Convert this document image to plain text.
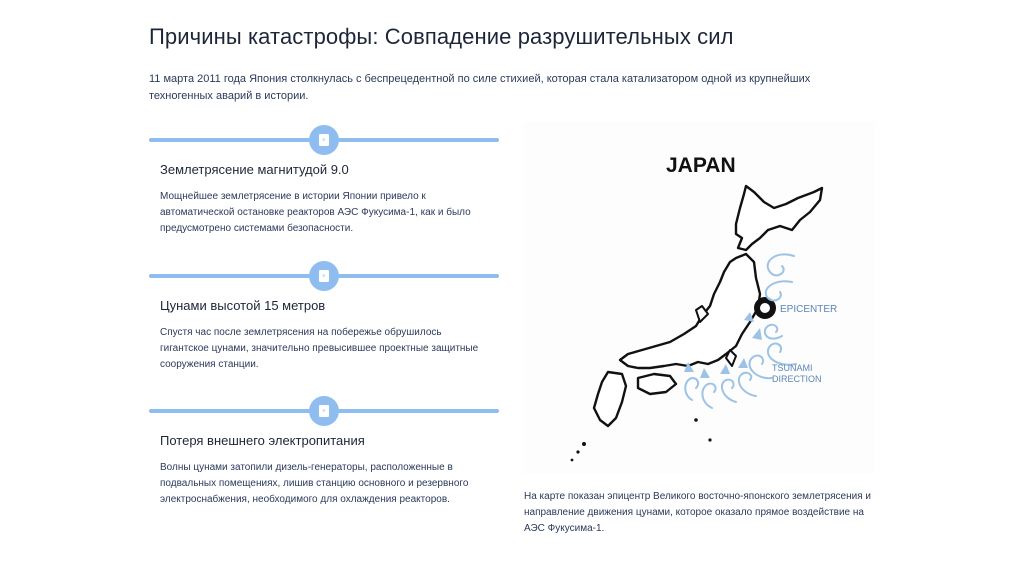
Причины катастрофы: Совпадение разрушительных сил

11 марта 2011 года Япония столкнулась с беспрецедентной по силе стихией, которая стала катализатором одной из крупнейших техногенных аварий в истории.

≡
Землетрясение магнитудой 9.0

Мощнейшее землетрясение в истории Японии привело к автоматической остановке реакторов АЭС Фукусима-1, как и было предусмотрено системами безопасности.

≡
Цунами высотой 15 метров

Спустя час после землетрясения на побережье обрушилось гигантское цунами, значительно превысившее проектные защитные сооружения станции.

≡
Потеря внешнего электропитания

Волны цунами затопили дизель-генераторы, расположенные в подвальных помещениях, лишив станцию основного и резервного электроснабжения, необходимого для охлаждения реакторов.

JAPAN
EPICENTER
TSUNAMI
DIRECTION

На карте показан эпицентр Великого восточно-японского землетрясения и направление движения цунами, которое оказало прямое воздействие на АЭС Фукусима-1.
